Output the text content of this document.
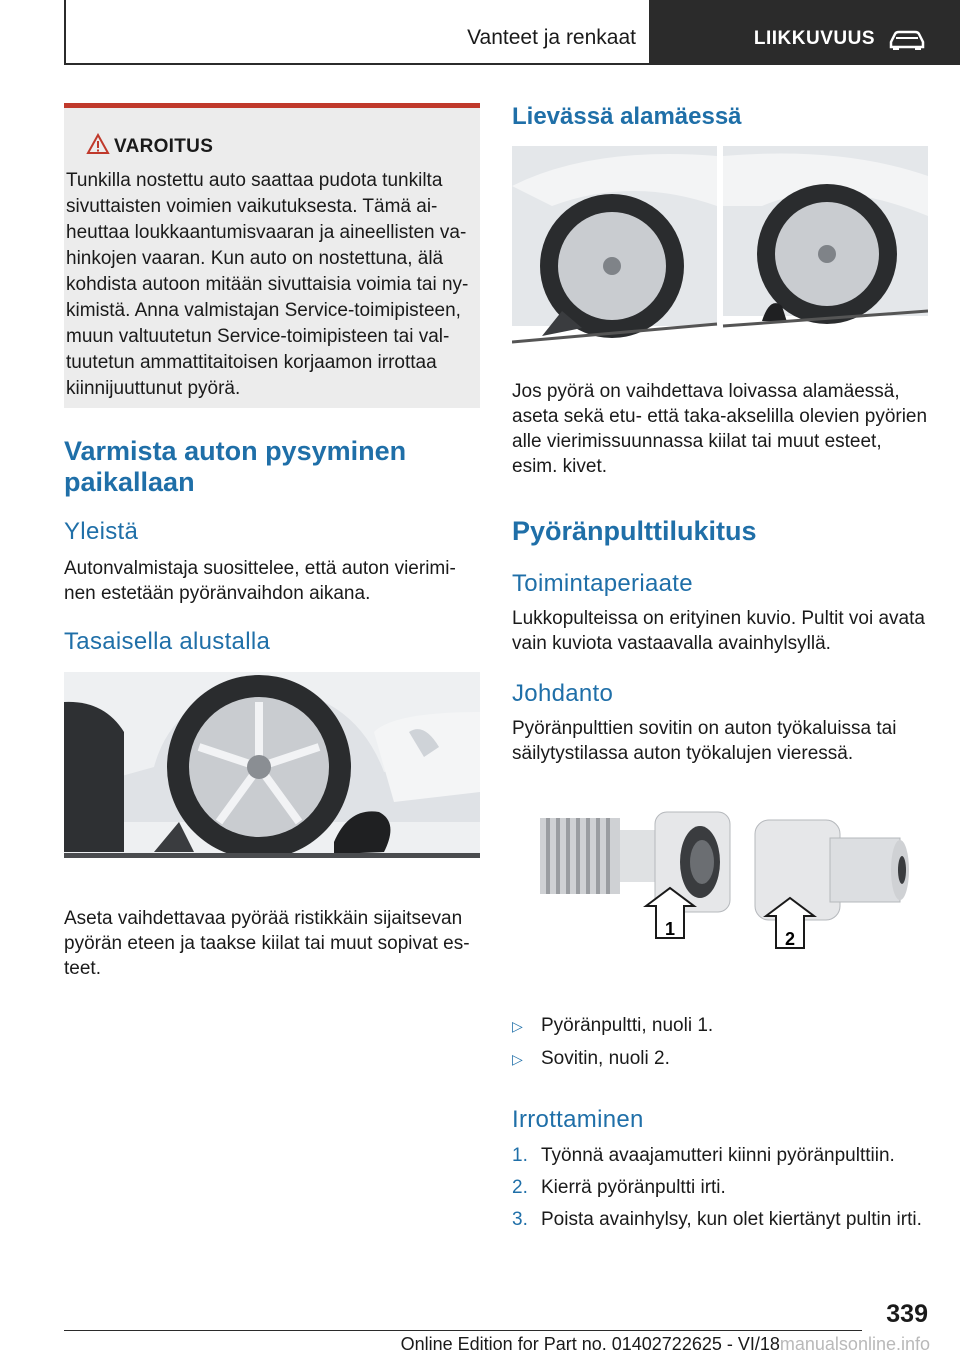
Vanteet ja renkaat	LIIKKUVUUS
VAROITUS
Tunkilla nostettu auto saattaa pudota tunkilta sivuttaisten voimien vaikutuksesta. Tämä aiheuttaa loukkaantumisvaaran ja aineellisten vahinkojen vaaran. Kun auto on nostettuna, älä kohdista autoon mitään sivuttaisia voimia tai nykimistä. Anna valmistajan Service-toimipisteen, muun valtuutetun Service-toimipisteen tai valtuutetun ammattitaitoisen korjaamon irrottaa kiinnijuuttunut pyörä.
Varmista auton pysyminen paikallaan
Yleistä
Autonvalmistaja suosittelee, että auton vieriminen estetään pyöränvaihdon aikana.
Tasaisella alustalla
Aseta vaihdettavaa pyörää ristikkäin sijaitsevan pyörän eteen ja taakse kiilat tai muut sopivat esteet.
Lievässä alamäessä
Jos pyörä on vaihdettava loivassa alamäessä, aseta sekä etu- että taka-akselilla olevien pyörien alle vierimissuunnassa kiilat tai muut esteet, esim. kivet.
Pyöränpulttilukitus
Toimintaperiaate
Lukkopulteissa on erityinen kuvio. Pultit voi avata vain kuviota vastaavalla avainhylsyllä.
Johdanto
Pyöränpulttien sovitin on auton työkaluissa tai säilytystilassa auton työkalujen vieressä.
1	2
▷ Pyöränpultti, nuoli 1.
▷ Sovitin, nuoli 2.
Irrottaminen
1. Työnnä avaajamutteri kiinni pyöränpulttiin.
2. Kierrä pyöränpultti irti.
3. Poista avainhylsy, kun olet kiertänyt pultin irti.
339
Online Edition for Part no. 01402722625 - VI/18manualsonline.info
